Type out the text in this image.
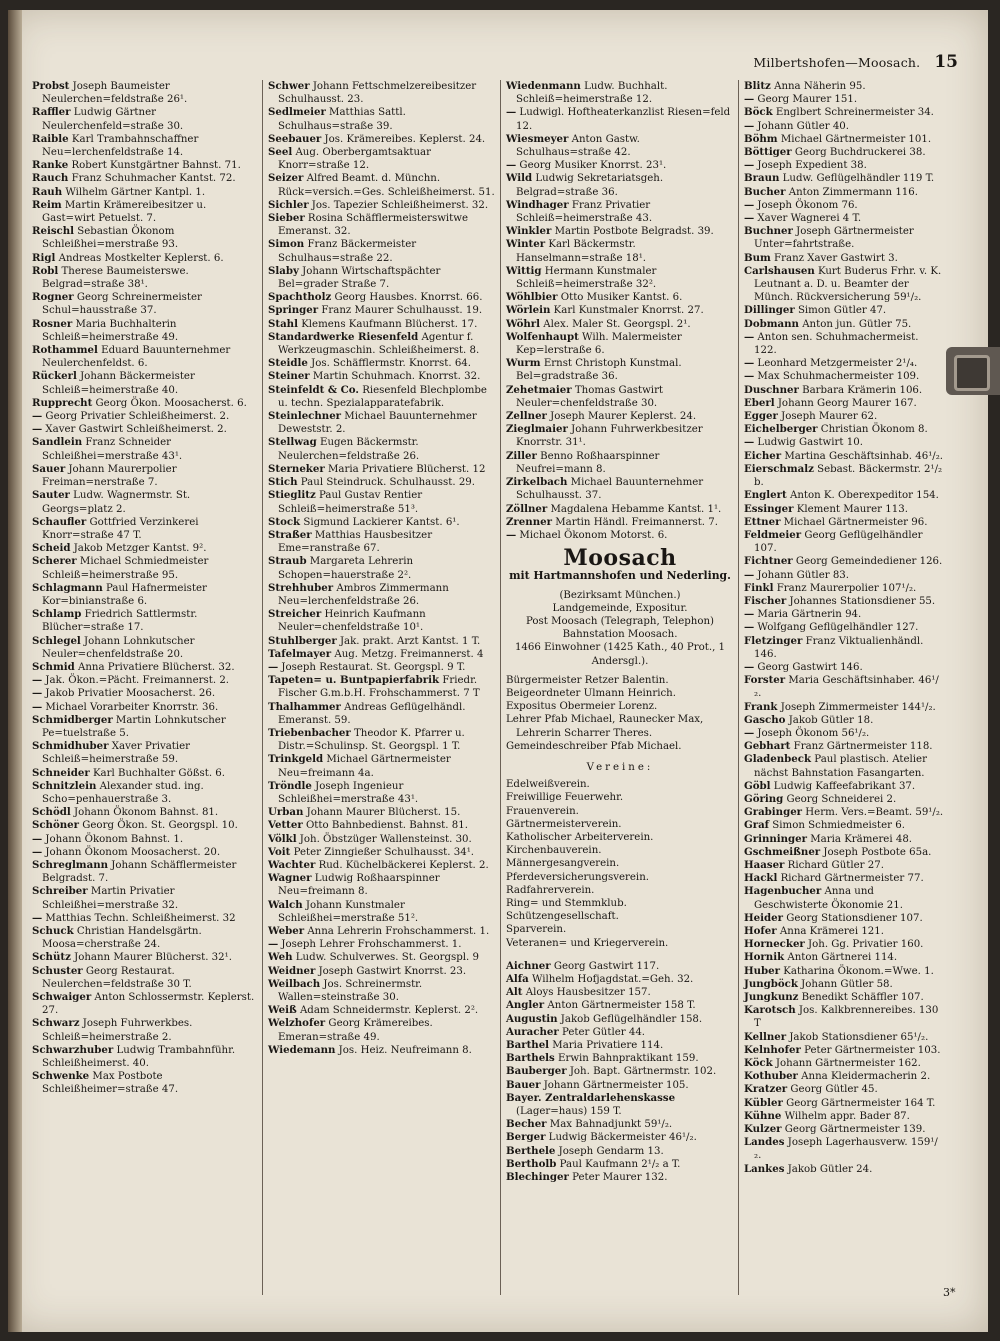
Milbertshofen—Moosach. 15
Probst Joseph Baumeister Neulerchen=feldstraße 26¹.
Raffler Ludwig Gärtner Neulerchenfeld=straße 30.
Raible Karl Trambahnschaffner Neu=lerchenfeldstraße 14.
Ranke Robert Kunstgärtner Bahnst. 71.
Rauch Franz Schuhmacher Kantst. 72.
Rauh Wilhelm Gärtner Kantpl. 1.
Reim Martin Krämereibesitzer u. Gast=wirt Petuelst. 7.
Reischl Sebastian Ökonom Schleißhei=merstraße 93.
Rigl Andreas Mostkelter Keplerst. 6.
Robl Therese Baumeisterswe. Belgrad=straße 38¹.
Rogner Georg Schreinermeister Schul=hausstraße 37.
Rosner Maria Buchhalterin Schleiß=heimerstraße 49.
Rothammel Eduard Bauunternehmer Neulerchenfeldst. 6.
Rückerl Johann Bäckermeister Schleiß=heimerstraße 40.
Rupprecht Georg Ökon. Moosacherst. 6.
— Georg Privatier Schleißheimerst. 2.
— Xaver Gastwirt Schleißheimerst. 2.
Sandlein Franz Schneider Schleißhei=merstraße 43¹.
Sauer Johann Maurerpolier Freiman=nerstraße 7.
Sauter Ludw. Wagnermstr. St. Georgs=platz 2.
Schaufler Gottfried Verzinkerei Knorr=straße 47 T.
Scheid Jakob Metzger Kantst. 9².
Scherer Michael Schmiedmeister Schleiß=heimerstraße 95.
Schlagmann Paul Hafnermeister Kor=binianstraße 6.
Schlamp Friedrich Sattlermstr. Blücher=straße 17.
Schlegel Johann Lohnkutscher Neuler=chenfeldstraße 20.
Schmid Anna Privatiere Blücherst. 32.
— Jak. Ökon.=Pächt. Freimannerst. 2.
— Jakob Privatier Moosacherst. 26.
— Michael Vorarbeiter Knorrstr. 36.
Schmidberger Martin Lohnkutscher Pe=tuelstraße 5.
Schmidhuber Xaver Privatier Schleiß=heimerstraße 59.
Schneider Karl Buchhalter Gößst. 6.
Schnitzlein Alexander stud. ing. Scho=penhauerstraße 3.
Schödl Johann Ökonom Bahnst. 81.
Schöner Georg Ökon. St. Georgspl. 10.
— Johann Ökonom Bahnst. 1.
— Johann Ökonom Moosacherst. 20.
Schreglmann Johann Schäfflermeister Belgradst. 7.
Schreiber Martin Privatier Schleißhei=merstraße 32.
— Matthias Techn. Schleißheimerst. 32
Schuck Christian Handelsgärtn. Moosa=cherstraße 24.
Schütz Johann Maurer Blücherst. 32¹.
Schuster Georg Restaurat. Neulerchen=feldstraße 30 T.
Schwaiger Anton Schlossermstr. Keplerst. 27.
Schwarz Joseph Fuhrwerkbes. Schleiß=heimerstraße 2.
Schwarzhuber Ludwig Trambahnführ. Schleißheimerst. 40.
Schwenke Max Postbote Schleißheimer=straße 47.
Schwer Johann Fettschmelzereibesitzer Schulhausst. 23.
Sedlmeier Matthias Sattl. Schulhaus=straße 39.
Seebauer Jos. Krämereibes. Keplerst. 24.
Seel Aug. Oberbergamtsaktuar Knorr=straße 12.
Seizer Alfred Beamt. d. Münchn. Rück=versich.=Ges. Schleißheimerst. 51.
Sichler Jos. Tapezier Schleißheimerst. 32.
Sieber Rosina Schäfflermeisterswitwe Emeranst. 32.
Simon Franz Bäckermeister Schulhaus=straße 22.
Slaby Johann Wirtschaftspächter Bel=grader Straße 7.
Spachtholz Georg Hausbes. Knorrst. 66.
Springer Franz Maurer Schulhausst. 19.
Stahl Klemens Kaufmann Blücherst. 17.
Standardwerke Riesenfeld Agentur f. Werkzeugmaschin. Schleißheimerst. 8.
Steidle Jos. Schäfflermstr. Knorrst. 64.
Steiner Martin Schuhmach. Knorrst. 32.
Steinfeldt & Co. Riesenfeld Blechplombe u. techn. Spezialapparatefabrik.
Steinlechner Michael Bauunternehmer Deweststr. 2.
Stellwag Eugen Bäckermstr. Neulerchen=feldstraße 26.
Sterneker Maria Privatiere Blücherst. 12
Stich Paul Steindruck. Schulhausst. 29.
Stieglitz Paul Gustav Rentier Schleiß=heimerstraße 51³.
Stock Sigmund Lackierer Kantst. 6¹.
Straßer Matthias Hausbesitzer Eme=ranstraße 67.
Straub Margareta Lehrerin Schopen=hauerstraße 2².
Strehhuber Ambros Zimmermann Neu=lerchenfeldstraße 26.
Streicher Heinrich Kaufmann Neuler=chenfeldstraße 10¹.
Stuhlberger Jak. prakt. Arzt Kantst. 1 T.
Tafelmayer Aug. Metzg. Freimannerst. 4
— Joseph Restaurat. St. Georgspl. 9 T.
Tapeten= u. Buntpapierfabrik Friedr. Fischer G.m.b.H. Frohschammerst. 7 T
Thalhammer Andreas Geflügelhändl. Emeranst. 59.
Triebenbacher Theodor K. Pfarrer u. Distr.=Schulinsp. St. Georgspl. 1 T.
Trinkgeld Michael Gärtnermeister Neu=freimann 4a.
Tröndle Joseph Ingenieur Schleißhei=merstraße 43¹.
Urban Johann Maurer Blücherst. 15.
Vetter Otto Bahnbedienst. Bahnst. 81.
Völkl Joh. Öbstzüger Wallensteinst. 30.
Voit Peter Zinngießer Schulhausst. 34¹.
Wachter Rud. Küchelbäckerei Keplerst. 2.
Wagner Ludwig Roßhaarspinner Neu=freimann 8.
Walch Johann Kunstmaler Schleißhei=merstraße 51².
Weber Anna Lehrerin Frohschammerst. 1.
— Joseph Lehrer Frohschammerst. 1.
Weh Ludw. Schulverwes. St. Georgspl. 9
Weidner Joseph Gastwirt Knorrst. 23.
Weilbach Jos. Schreinermstr. Wallen=steinstraße 30.
Weiß Adam Schneidermstr. Keplerst. 2².
Welzhofer Georg Krämereibes. Emeran=straße 49.
Wiedemann Jos. Heiz. Neufreimann 8.
Wiedenmann Ludw. Buchhalt. Schleiß=heimerstraße 12.
— Ludwigl. Hoftheaterkanzlist Riesen=feld 12.
Wiesmeyer Anton Gastw. Schulhaus=straße 42.
— Georg Musiker Knorrst. 23¹.
Wild Ludwig Sekretariatsgeh. Belgrad=straße 36.
Windhager Franz Privatier Schleiß=heimerstraße 43.
Winkler Martin Postbote Belgradst. 39.
Winter Karl Bäckermstr. Hanselmann=straße 18¹.
Wittig Hermann Kunstmaler Schleiß=heimerstraße 32².
Wöhlbier Otto Musiker Kantst. 6.
Wörlein Karl Kunstmaler Knorrst. 27.
Wöhrl Alex. Maler St. Georgspl. 2¹.
Wolfenhaupt Wilh. Malermeister Kep=lerstraße 6.
Wurm Ernst Christoph Kunstmal. Bel=gradstraße 36.
Zehetmaier Thomas Gastwirt Neuler=chenfeldstraße 30.
Zellner Joseph Maurer Keplerst. 24.
Zieglmaier Johann Fuhrwerkbesitzer Knorrstr. 31¹.
Ziller Benno Roßhaarspinner Neufrei=mann 8.
Zirkelbach Michael Bauunternehmer Schulhausst. 37.
Zöllner Magdalena Hebamme Kantst. 1¹.
Zrenner Martin Händl. Freimannerst. 7.
— Michael Ökonom Motorst. 6.
Moosach
mit Hartmannshofen und Nederling.
(Bezirksamt München.)
Landgemeinde, Expositur.
Post Moosach (Telegraph, Telephon)
Bahnstation Moosach.
1466 Einwohner (1425 Kath., 40 Prot., 1 Andersgl.).
Bürgermeister Retzer Balentin.
Beigeordneter Ulmann Heinrich.
Expositus Obermeier Lorenz.
Lehrer Pfab Michael, Raunecker Max, Lehrerin Scharrer Theres.
Gemeindeschreiber Pfab Michael.
Vereine:
Edelweißverein.
Freiwillige Feuerwehr.
Frauenverein.
Gärtnermeisterverein.
Katholischer Arbeiterverein.
Kirchenbauverein.
Männergesangverein.
Pferdeversicherungsverein.
Radfahrerverein.
Ring= und Stemmklub.
Schützengesellschaft.
Sparverein.
Veteranen= und Kriegerverein.
Aichner Georg Gastwirt 117.
Alfa Wilhelm Hofjagdstat.=Geh. 32.
Alt Aloys Hausbesitzer 157.
Angler Anton Gärtnermeister 158 T.
Augustin Jakob Geflügelhändler 158.
Auracher Peter Gütler 44.
Barthel Maria Privatiere 114.
Barthels Erwin Bahnpraktikant 159.
Bauberger Joh. Bapt. Gärtnermstr. 102.
Bauer Johann Gärtnermeister 105.
Bayer. Zentraldarlehenskasse (Lager=haus) 159 T.
Becher Max Bahnadjunkt 59¹/₂.
Berger Ludwig Bäckermeister 46¹/₂.
Berthele Joseph Gendarm 13.
Bertholb Paul Kaufmann 2¹/₂ a T.
Blechinger Peter Maurer 132.
Blitz Anna Näherin 95.
— Georg Maurer 151.
Böck Englbert Schreinermeister 34.
— Johann Gütler 40.
Böhm Michael Gärtnermeister 101.
Böttiger Georg Buchdruckerei 38.
— Joseph Expedient 38.
Braun Ludw. Geflügelhändler 119 T.
Bucher Anton Zimmermann 116.
— Joseph Ökonom 76.
— Xaver Wagnerei 4 T.
Buchner Joseph Gärtnermeister Unter=fahrtstraße.
Bum Franz Xaver Gastwirt 3.
Carlshausen Kurt Buderus Frhr. v. K. Leutnant a. D. u. Beamter der Münch. Rückversicherung 59¹/₂.
Dillinger Simon Gütler 47.
Dobmann Anton jun. Gütler 75.
— Anton sen. Schuhmachermeist. 122.
— Leonhard Metzgermeister 2¹/₄.
— Max Schuhmachermeister 109.
Duschner Barbara Krämerin 106.
Eberl Johann Georg Maurer 167.
Egger Joseph Maurer 62.
Eichelberger Christian Ökonom 8.
— Ludwig Gastwirt 10.
Eicher Martina Geschäftsinhab. 46¹/₂.
Eierschmalz Sebast. Bäckermstr. 2¹/₂ b.
Englert Anton K. Oberexpeditor 154.
Essinger Klement Maurer 113.
Ettner Michael Gärtnermeister 96.
Feldmeier Georg Geflügelhändler 107.
Fichtner Georg Gemeindediener 126.
— Johann Gütler 83.
Finkl Franz Maurerpolier 107¹/₂.
Fischer Johannes Stationsdiener 55.
— Maria Gärtnerin 94.
— Wolfgang Geflügelhändler 127.
Fletzinger Franz Viktualienhändl. 146.
— Georg Gastwirt 146.
Forster Maria Geschäftsinhaber. 46¹/₂.
Frank Joseph Zimmermeister 144¹/₂.
Gascho Jakob Gütler 18.
— Joseph Ökonom 56¹/₂.
Gebhart Franz Gärtnermeister 118.
Gladenbeck Paul plastisch. Atelier nächst Bahnstation Fasangarten.
Göbl Ludwig Kaffeefabrikant 37.
Göring Georg Schneiderei 2.
Grabinger Herm. Vers.=Beamt. 59¹/₂.
Graf Simon Schmiedmeister 6.
Grinninger Maria Krämerei 48.
Gschmeißner Joseph Postbote 65a.
Haaser Richard Gütler 27.
Hackl Richard Gärtnermeister 77.
Hagenbucher Anna und Geschwisterte Ökonomie 21.
Heider Georg Stationsdiener 107.
Hofer Anna Krämerei 121.
Hornecker Joh. Gg. Privatier 160.
Hornik Anton Gärtnerei 114.
Huber Katharina Ökonom.=Wwe. 1.
Jungböck Johann Gütler 58.
Jungkunz Benedikt Schäffler 107.
Karotsch Jos. Kalkbrennereibes. 130 T
Kellner Jakob Stationsdiener 65¹/₂.
Kelnhofer Peter Gärtnermeister 103.
Köck Johann Gärtnermeister 162.
Kothuber Anna Kleidermacherin 2.
Kratzer Georg Gütler 45.
Kübler Georg Gärtnermeister 164 T.
Kühne Wilhelm appr. Bader 87.
Kulzer Georg Gärtnermeister 139.
Landes Joseph Lagerhausverw. 159¹/₂.
Lankes Jakob Gütler 24.
3*
